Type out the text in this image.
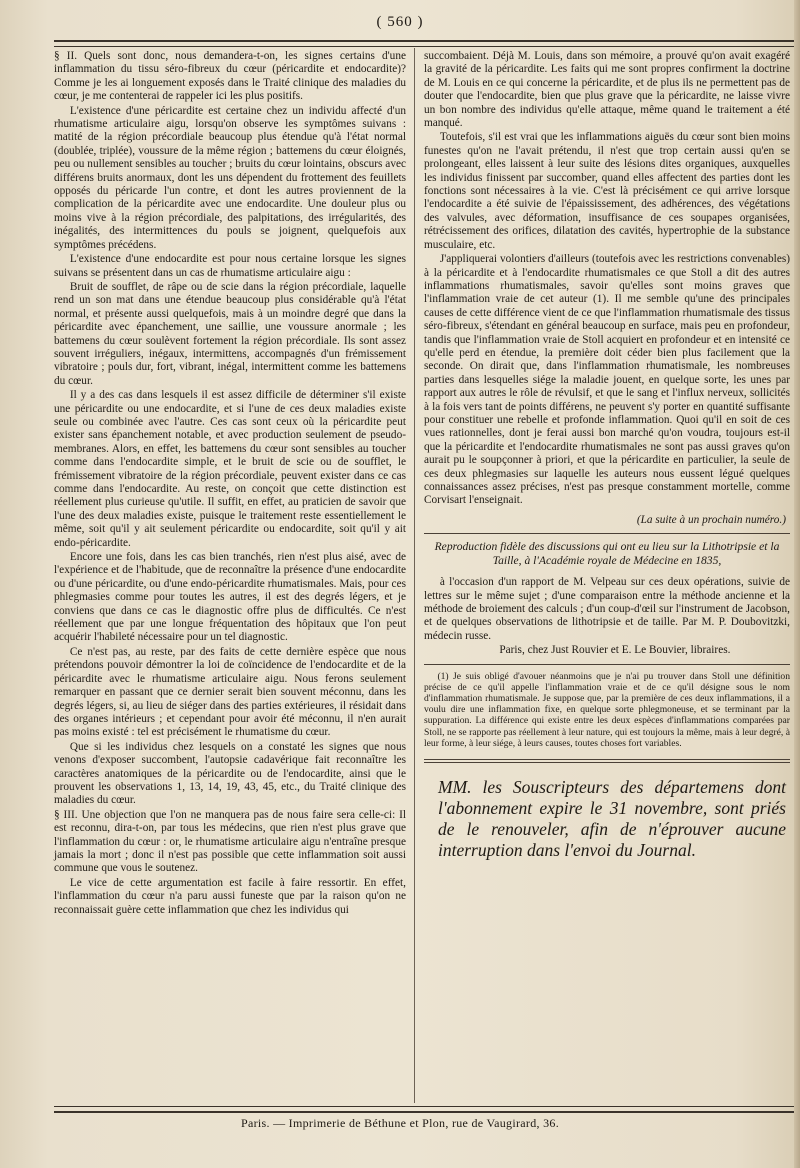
( 560 )

§ II. Quels sont donc, nous demandera-t-on, les signes certains d'une inflammation du tissu séro-fibreux du cœur (péricardite et endocardite)? Comme je les ai longuement exposés dans le Traité clinique des maladies du cœur, je me contenterai de rappeler ici les plus positifs.

L'existence d'une péricardite est certaine chez un individu affecté d'un rhumatisme articulaire aigu, lorsqu'on observe les symptômes suivans : matité de la région précordiale beaucoup plus étendue qu'à l'état normal (doublée, triplée), voussure de la même région ; battemens du cœur éloignés, peu ou nullement sensibles au toucher ; bruits du cœur lointains, obscurs avec différens bruits anormaux, dont les uns dépendent du frottement des feuillets opposés du péricarde l'un contre, et dont les autres proviennent de la complication de la péricardite avec une endocardite. Une douleur plus ou moins vive à la région précordiale, des palpitations, des irrégularités, des inégalités, des intermittences du pouls se joignent, quelquefois aux symptômes précédens.

L'existence d'une endocardite est pour nous certaine lorsque les signes suivans se présentent dans un cas de rhumatisme articulaire aigu :

Bruit de soufflet, de râpe ou de scie dans la région précordiale, laquelle rend un son mat dans une étendue beaucoup plus considérable qu'à l'état normal, et présente aussi quelquefois, mais à un moindre degré que dans la péricardite avec épanchement, une saillie, une voussure anormale ; les battemens du cœur soulèvent fortement la région précordiale. Ils sont assez souvent irréguliers, inégaux, intermittens, accompagnés d'un frémissement vibratoire ; pouls dur, fort, vibrant, inégal, intermittent comme les battemens du cœur.

Il y a des cas dans lesquels il est assez difficile de déterminer s'il existe une péricardite ou une endocardite, et si l'une de ces deux maladies existe seule ou combinée avec l'autre. Ces cas sont ceux où la péricardite peut exister sans épanchement notable, et avec production seulement de pseudo-membranes. Alors, en effet, les battemens du cœur sont sensibles au toucher comme dans l'endocardite simple, et le bruit de scie ou de soufflet, le frémissement vibratoire de la région précordiale, peuvent exister dans ce cas comme dans l'endocardite. Au reste, on conçoit que cette distinction est réellement plus curieuse qu'utile. Il suffit, en effet, au praticien de savoir que l'une des deux maladies existe, puisque le traitement reste essentiellement le même, soit qu'il y ait seulement péricardite ou endocardite, soit qu'il y ait endo-péricardite.

Encore une fois, dans les cas bien tranchés, rien n'est plus aisé, avec de l'expérience et de l'habitude, que de reconnaître la présence d'une endocardite ou d'une péricardite, ou d'une endo-péricardite rhumatismales. Mais, pour ces phlegmasies comme pour toutes les autres, il est des degrés légers, et je conviens que dans ce cas le diagnostic offre plus de difficultés. Ce n'est réellement que par une longue fréquentation des hôpitaux que l'on peut acquérir l'habileté nécessaire pour un tel diagnostic.

Ce n'est pas, au reste, par des faits de cette dernière espèce que nous prétendons pouvoir démontrer la loi de coïncidence de l'endocardite et de la péricardite avec le rhumatisme articulaire aigu. Nous ferons seulement remarquer en passant que ce dernier serait bien souvent méconnu, dans les degrés légers, si, au lieu de siéger dans des parties extérieures, il résidait dans des organes intérieurs ; et cependant pour avoir été méconnu, il n'en aurait pas moins existé : tel est précisément le rhumatisme du cœur.

Que si les individus chez lesquels on a constaté les signes que nous venons d'exposer succombent, l'autopsie cadavérique fait reconnaître les caractères anatomiques de la péricardite ou de l'endocardite, ainsi que le prouvent les observations 1, 13, 14, 19, 43, 45, etc., du Traité clinique des maladies du cœur.

§ III. Une objection que l'on ne manquera pas de nous faire sera celle-ci: Il est reconnu, dira-t-on, par tous les médecins, que rien n'est plus grave que l'inflammation du cœur : or, le rhumatisme articulaire aigu n'entraîne presque jamais la mort ; donc il n'est pas possible que cette inflammation soit aussi commune que vous le soutenez.

Le vice de cette argumentation est facile à faire ressortir. En effet, l'inflammation du cœur n'a paru aussi funeste que par la raison qu'on ne reconnaissait guère cette inflammation que chez les individus qui

succombaient. Déjà M. Louis, dans son mémoire, a prouvé qu'on avait exagéré la gravité de la péricardite. Les faits qui me sont propres confirment la doctrine de M. Louis en ce qui concerne la péricardite, et de plus ils ne permettent pas de douter que l'endocardite, bien que plus grave que la péricardite, ne laisse vivre un bon nombre des individus qu'elle attaque, même quand le traitement a été manqué.

Toutefois, s'il est vrai que les inflammations aiguës du cœur sont bien moins funestes qu'on ne l'avait prétendu, il n'est que trop certain aussi qu'en se prolongeant, elles laissent à leur suite des lésions dites organiques, auxquelles les individus finissent par succomber, quand elles affectent des parties dont les fonctions sont nécessaires à la vie. C'est là précisément ce qui arrive lorsque l'endocardite a été suivie de l'épaississement, des adhérences, des végétations des valvules, avec déformation, insuffisance de ces soupapes organisées, rétrécissement des orifices, dilatation des cavités, hypertrophie de la substance musculaire, etc.

J'appliquerai volontiers d'ailleurs (toutefois avec les restrictions convenables) à la péricardite et à l'endocardite rhumatismales ce que Stoll a dit des autres inflammations rhumatismales, savoir qu'elles sont moins graves que l'inflammation vraie de cet auteur (1). Il me semble qu'une des principales causes de cette différence vient de ce que l'inflammation rhumatismale des tissus séro-fibreux, s'étendant en général beaucoup en surface, mais peu en profondeur, tandis que l'inflammation vraie de Stoll acquiert en profondeur et en intensité ce qu'elle perd en étendue, la première doit céder bien plus facilement que la seconde. On dirait que, dans l'inflammation rhumatismale, les nombreuses parties dans lesquelles siége la maladie jouent, en quelque sorte, les unes par rapport aux autres le rôle de révulsif, et que le sang et l'influx nerveux, sollicités à la fois vers tant de points différens, ne peuvent s'y porter en quantité suffisante pour constituer une rebelle et profonde inflammation. Quoi qu'il en soit de ces vues rationnelles, dont je ferai aussi bon marché qu'on voudra, toujours est-il que la péricardite et l'endocardite rhumatismales ne sont pas aussi graves qu'on aurait pu le soupçonner à priori, et que la péricardite en particulier, la seule de ces deux phlegmasies sur laquelle les auteurs nous eussent légué quelques connaissances assez précises, n'est pas presque constamment mortelle, comme Corvisart l'enseignait.

(La suite à un prochain numéro.)
Reproduction fidèle des discussions qui ont eu lieu sur la Lithotripsie et la Taille, à l'Académie royale de Médecine en 1835,

à l'occasion d'un rapport de M. Velpeau sur ces deux opérations, suivie de lettres sur le même sujet ; d'une comparaison entre la méthode ancienne et la méthode de broiement des calculs ; d'un coup-d'œil sur l'instrument de Jacobson, et de quelques observations de lithotripsie et de taille. Par M. P. Doubovitzki, médecin russe.

Paris, chez Just Rouvier et E. Le Bouvier, libraires.

(1) Je suis obligé d'avouer néanmoins que je n'ai pu trouver dans Stoll une définition précise de ce qu'il appelle l'inflammation vraie et de ce qu'il désigne sous le nom d'inflammation rhumatismale. Je suppose que, par la première de ces deux inflammations, il a voulu dire une inflammation fixe, en quelque sorte phlegmoneuse, et se terminant par la suppuration. La différence qui existe entre les deux espèces d'inflammations comparées par Stoll, ne se rapporte pas réellement à leur nature, qui est toujours la même, mais à leur degré, à leur forme, à leur siége, à leurs causes, toutes choses fort variables.

MM. les Souscripteurs des départemens dont l'abonnement expire le 31 novembre, sont priés de le renouveler, afin de n'éprouver aucune interruption dans l'envoi du Journal.
Paris. — Imprimerie de Béthune et Plon, rue de Vaugirard, 36.
